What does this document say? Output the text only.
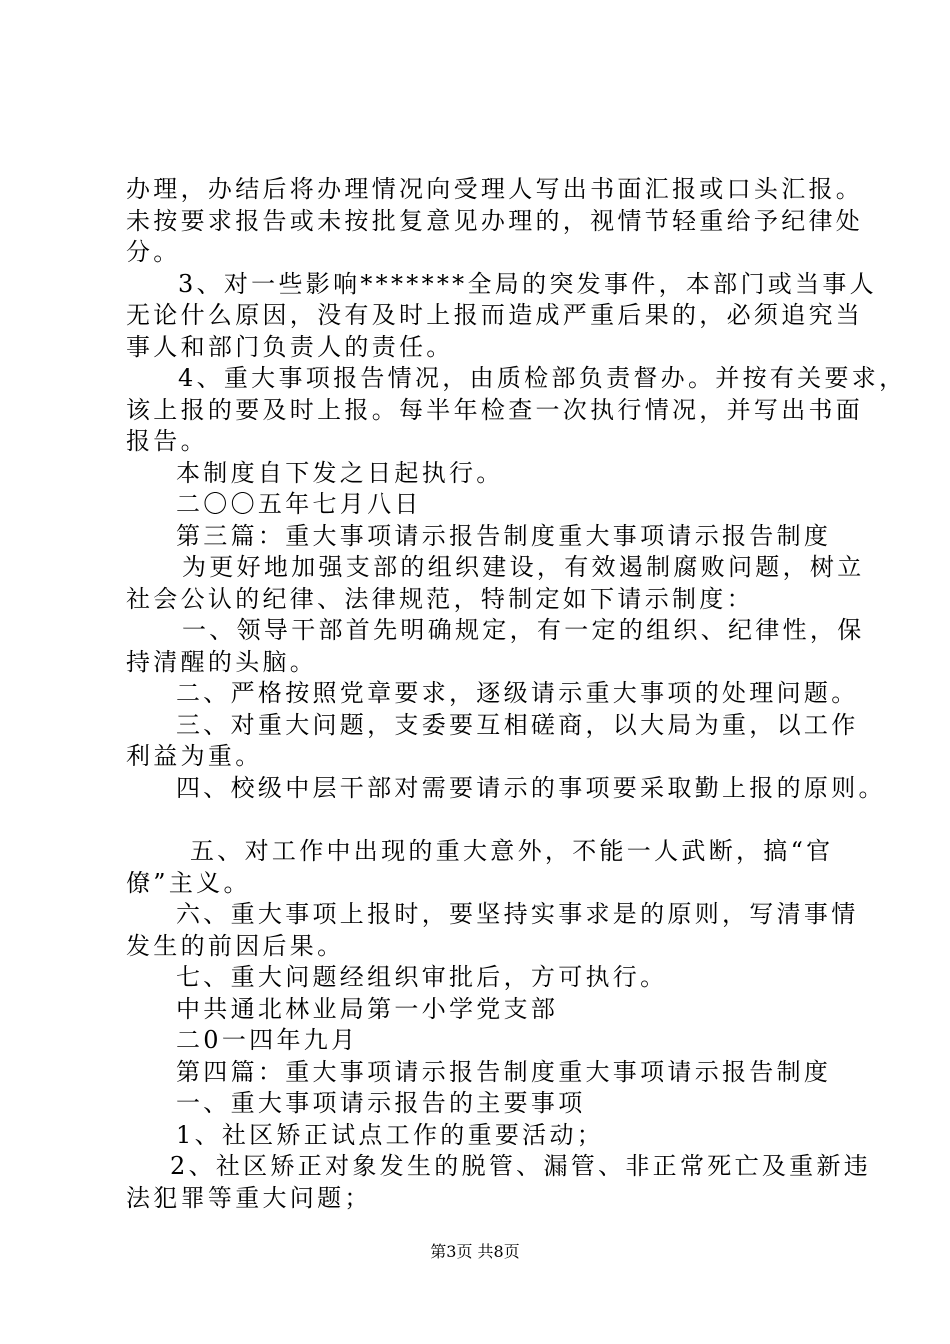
办理，办结后将办理情况向受理人写出书面汇报或口头汇报。
未按要求报告或未按批复意见办理的，视情节轻重给予纪律处
分。
3、对一些影响*******全局的突发事件，本部门或当事人
无论什么原因，没有及时上报而造成严重后果的，必须追究当
事人和部门负责人的责任。
4、重大事项报告情况，由质检部负责督办。并按有关要求，
该上报的要及时上报。每半年检查一次执行情况，并写出书面
报告。
本制度自下发之日起执行。
二〇〇五年七月八日
第三篇：重大事项请示报告制度重大事项请示报告制度
为更好地加强支部的组织建设，有效遏制腐败问题，树立
社会公认的纪律、法律规范，特制定如下请示制度：
一、领导干部首先明确规定，有一定的组织、纪律性，保
持清醒的头脑。
二、严格按照党章要求，逐级请示重大事项的处理问题。
三、对重大问题，支委要互相磋商，以大局为重，以工作
利益为重。
四、校级中层干部对需要请示的事项要采取勤上报的原则。
五、对工作中出现的重大意外，不能一人武断，搞“官
僚”主义。
六、重大事项上报时，要坚持实事求是的原则，写清事情
发生的前因后果。
七、重大问题经组织审批后，方可执行。
中共通北林业局第一小学党支部
二0一四年九月
第四篇：重大事项请示报告制度重大事项请示报告制度
一、重大事项请示报告的主要事项
1、社区矫正试点工作的重要活动；
2、社区矫正对象发生的脱管、漏管、非正常死亡及重新违
法犯罪等重大问题；
第3页 共8页
